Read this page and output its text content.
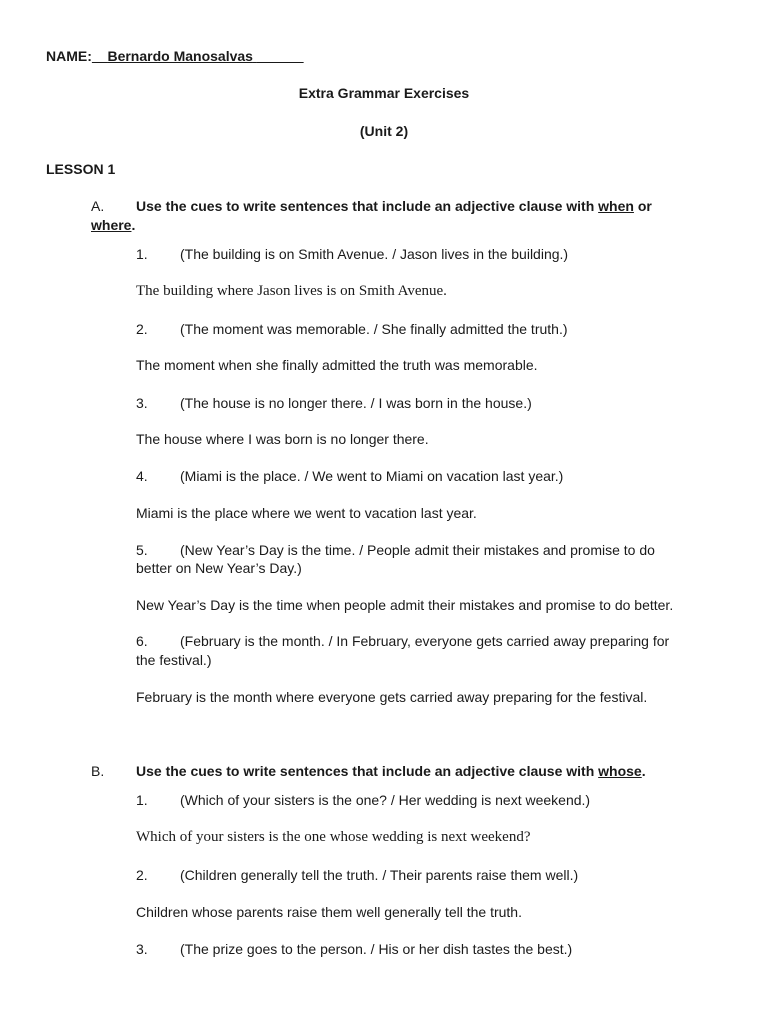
NAME: Bernardo Manosalvas ______
Extra Grammar Exercises
(Unit 2)
LESSON 1
A. Use the cues to write sentences that include an adjective clause with when or
where.
1. (The building is on Smith Avenue. / Jason lives in the building.)
The building where Jason lives is on Smith Avenue.
2. (The moment was memorable. / She finally admitted the truth.)
The moment when she finally admitted the truth was memorable.
3. (The house is no longer there. / I was born in the house.)
The house where I was born is no longer there.
4. (Miami is the place. / We went to Miami on vacation last year.)
Miami is the place where we went to vacation last year.
5. (New Year’s Day is the time. / People admit their mistakes and promise to do
better on New Year’s Day.)
New Year’s Day is the time when people admit their mistakes and promise to do better.
6. (February is the month. / In February, everyone gets carried away preparing for
the festival.)
February is the month where everyone gets carried away preparing for the festival.
B. Use the cues to write sentences that include an adjective clause with whose.
1. (Which of your sisters is the one? / Her wedding is next weekend.)
Which of your sisters is the one whose wedding is next weekend?
2. (Children generally tell the truth. / Their parents raise them well.)
Children whose parents raise them well generally tell the truth.
3. (The prize goes to the person. / His or her dish tastes the best.)
